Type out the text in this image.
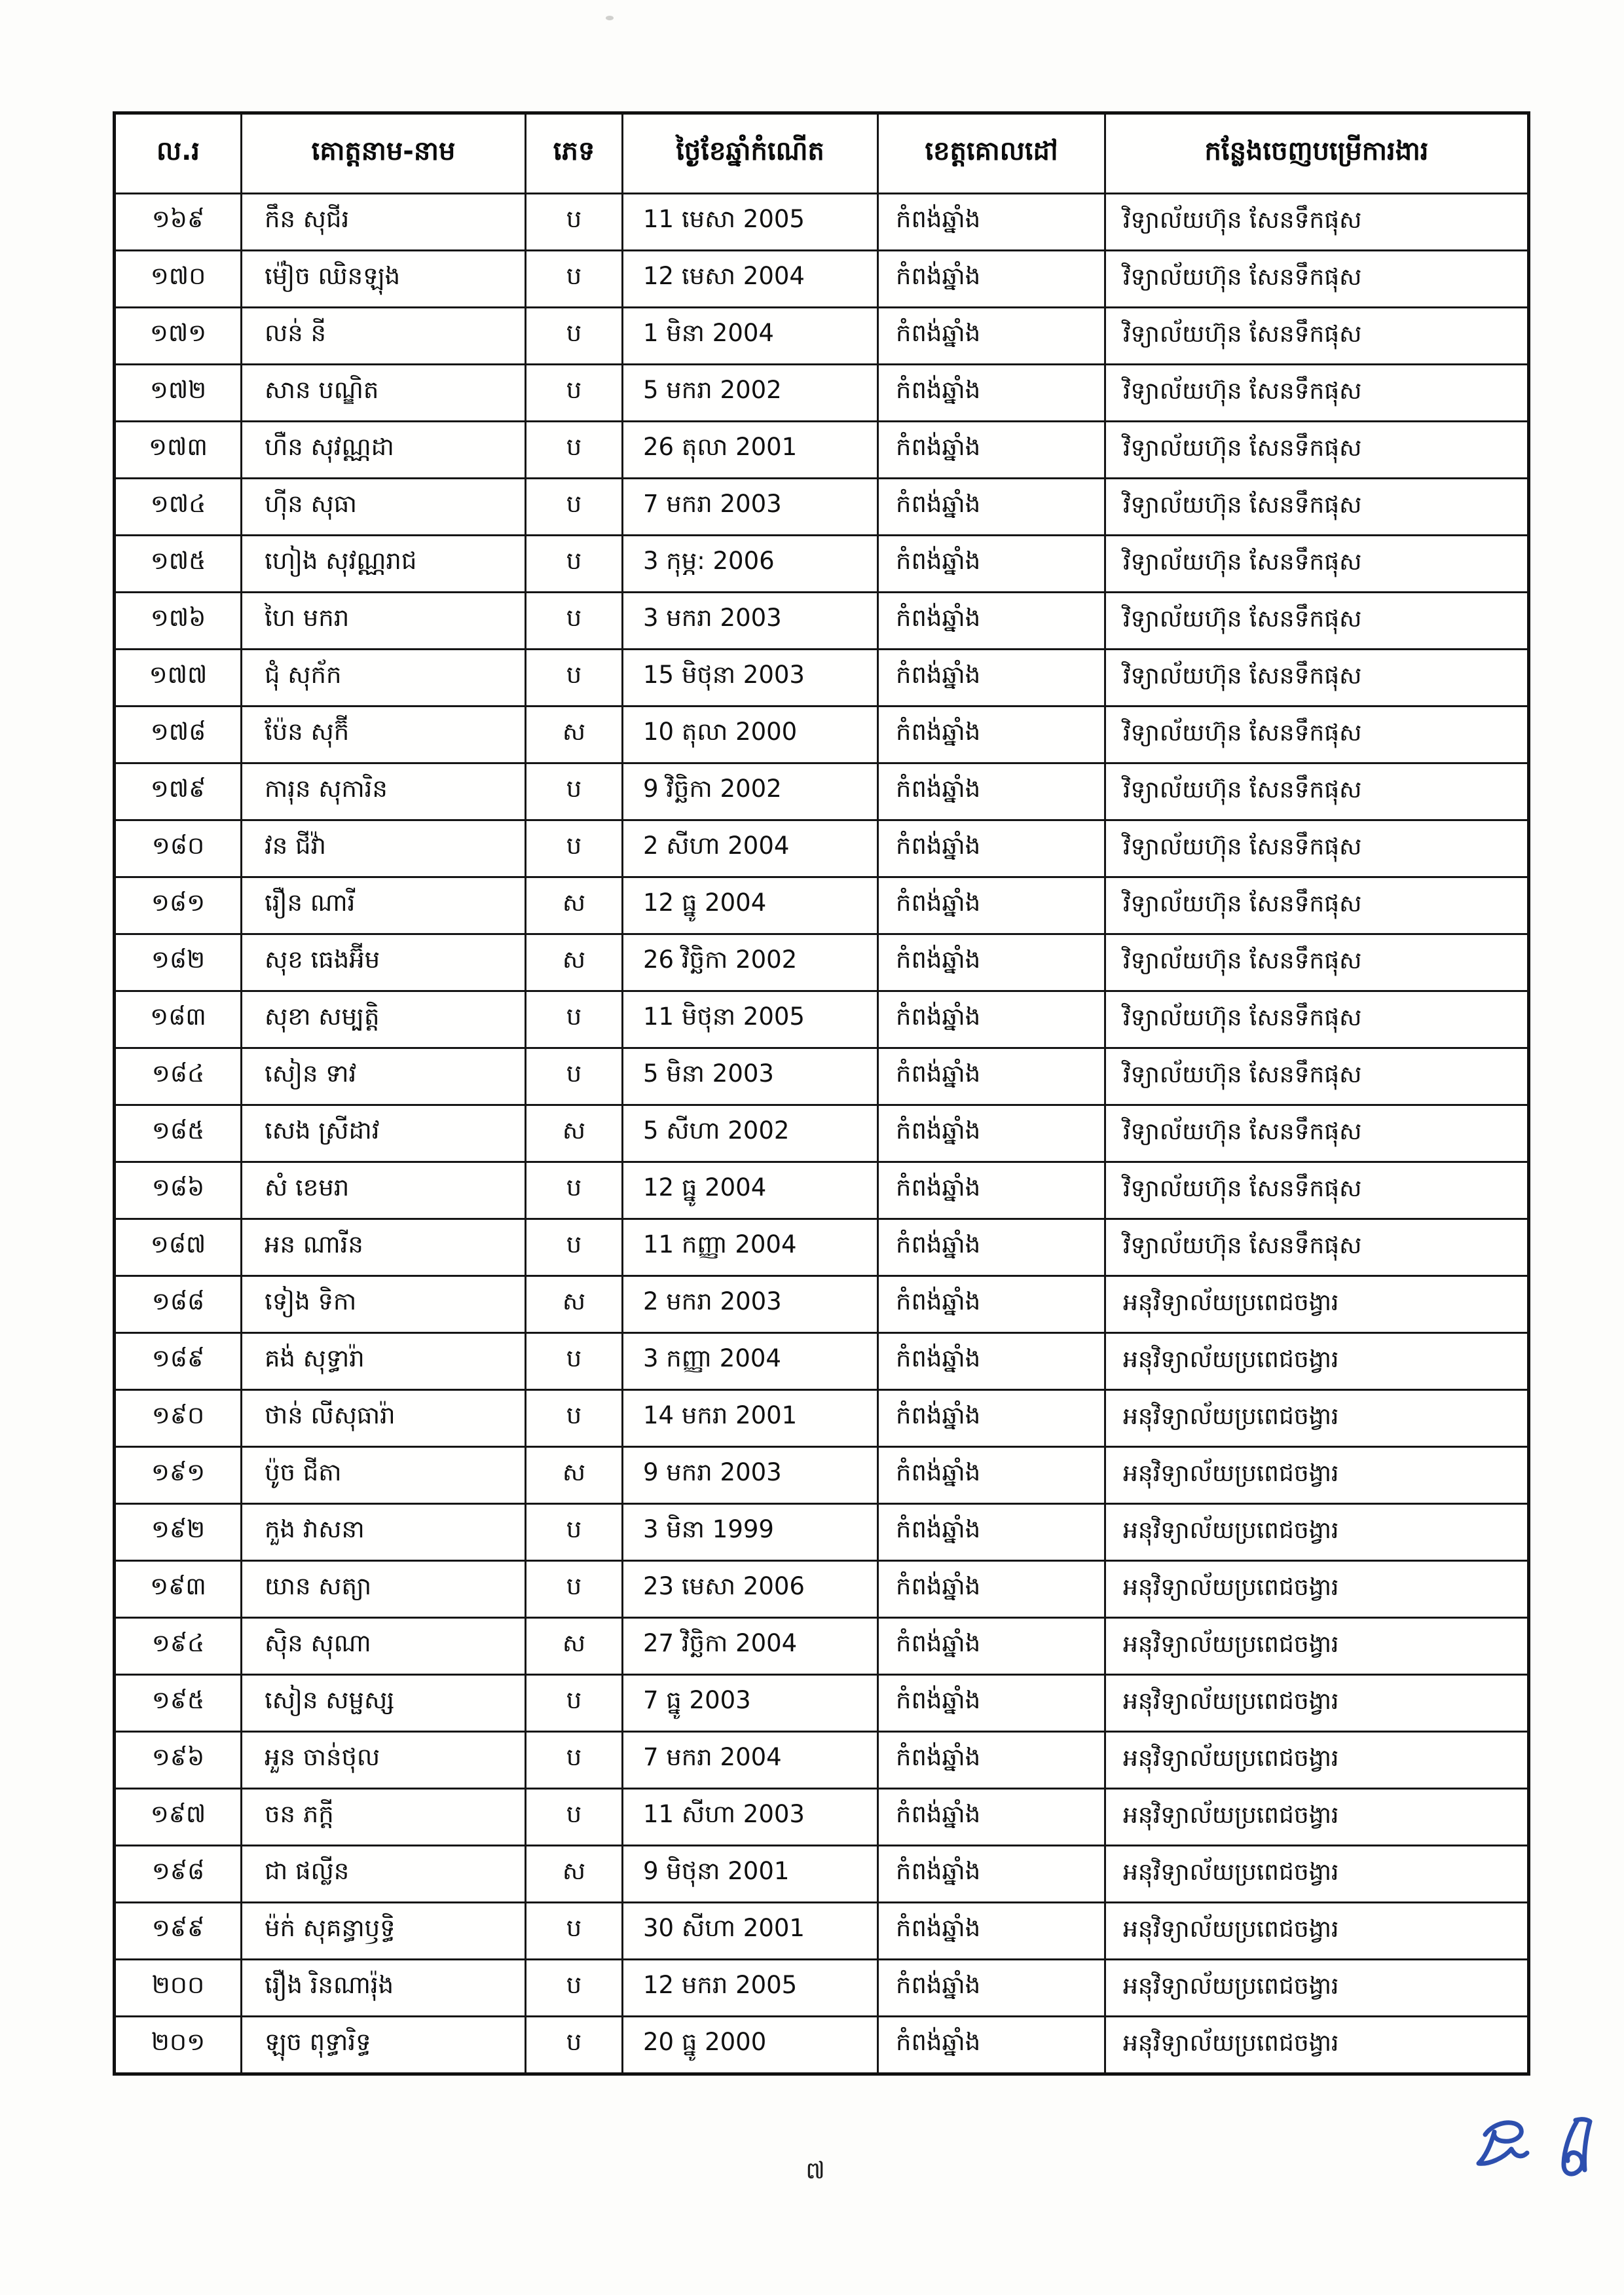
ល.រ	គោត្តនាម-នាម	ភេទ	ថ្ងៃខែឆ្នាំកំណើត	ខេត្តគោលដៅ	កន្លែងចេញបម្រើការងារ
១៦៩	កឹន សុជីរ	ប	11 មេសា 2005	កំពង់ឆ្នាំង	វិទ្យាល័យហ៊ុន សែនទឹកផុស
១៧០	ម៉ៀច ឈិនឡុង	ប	12 មេសា 2004	កំពង់ឆ្នាំង	វិទ្យាល័យហ៊ុន សែនទឹកផុស
១៧១	លន់ នី	ប	1 មិនា 2004	កំពង់ឆ្នាំង	វិទ្យាល័យហ៊ុន សែនទឹកផុស
១៧២	សាន បណ្ឌិត	ប	5 មករា 2002	កំពង់ឆ្នាំង	វិទ្យាល័យហ៊ុន សែនទឹកផុស
១៧៣	ហឺន សុវណ្ណដា	ប	26 តុលា 2001	កំពង់ឆ្នាំង	វិទ្យាល័យហ៊ុន សែនទឹកផុស
១៧៤	ហ៊ីន សុធា	ប	7 មករា 2003	កំពង់ឆ្នាំង	វិទ្យាល័យហ៊ុន សែនទឹកផុស
១៧៥	ហៀង សុវណ្ណរាជ	ប	3 កុម្ភ: 2006	កំពង់ឆ្នាំង	វិទ្យាល័យហ៊ុន សែនទឹកផុស
១៧៦	ហៃ មករា	ប	3 មករា 2003	កំពង់ឆ្នាំង	វិទ្យាល័យហ៊ុន សែនទឹកផុស
១៧៧	ជុំ សុក័ក	ប	15 មិថុនា 2003	កំពង់ឆ្នាំង	វិទ្យាល័យហ៊ុន សែនទឹកផុស
១៧៨	ប៉ែន សុក៊ី	ស	10 តុលា 2000	កំពង់ឆ្នាំង	វិទ្យាល័យហ៊ុន សែនទឹកផុស
១៧៩	ការុន សុការិន	ប	9 វិច្ឆិកា 2002	កំពង់ឆ្នាំង	វិទ្យាល័យហ៊ុន សែនទឹកផុស
១៨០	វន ជីវ៉ា	ប	2 សីហា 2004	កំពង់ឆ្នាំង	វិទ្យាល័យហ៊ុន សែនទឹកផុស
១៨១	រឿន ណារី	ស	12 ធ្នូ 2004	កំពង់ឆ្នាំង	វិទ្យាល័យហ៊ុន សែនទឹកផុស
១៨២	សុខ ធេងអ៊ីម	ស	26 វិច្ឆិកា 2002	កំពង់ឆ្នាំង	វិទ្យាល័យហ៊ុន សែនទឹកផុស
១៨៣	សុខា សម្បត្តិ	ប	11 មិថុនា 2005	កំពង់ឆ្នាំង	វិទ្យាល័យហ៊ុន សែនទឹកផុស
១៨៤	សៀន ទាវ	ប	5 មិនា 2003	កំពង់ឆ្នាំង	វិទ្យាល័យហ៊ុន សែនទឹកផុស
១៨៥	សេង ស្រីដាវ	ស	5 សីហា 2002	កំពង់ឆ្នាំង	វិទ្យាល័យហ៊ុន សែនទឹកផុស
១៨៦	សំ ខេមរា	ប	12 ធ្នូ 2004	កំពង់ឆ្នាំង	វិទ្យាល័យហ៊ុន សែនទឹកផុស
១៨៧	អន ណារីន	ប	11 កញ្ញា 2004	កំពង់ឆ្នាំង	វិទ្យាល័យហ៊ុន សែនទឹកផុស
១៨៨	ទៀង ទិកា	ស	2 មករា 2003	កំពង់ឆ្នាំង	អនុវិទ្យាល័យប្រពេជចង្វារ
១៨៩	គង់ សុទ្ធារ៉ា	ប	3 កញ្ញា 2004	កំពង់ឆ្នាំង	អនុវិទ្យាល័យប្រពេជចង្វារ
១៩០	ថាន់ លីសុធារ៉ា	ប	14 មករា 2001	កំពង់ឆ្នាំង	អនុវិទ្យាល័យប្រពេជចង្វារ
១៩១	ប៉ូច ជីតា	ស	9 មករា 2003	កំពង់ឆ្នាំង	អនុវិទ្យាល័យប្រពេជចង្វារ
១៩២	កួង វាសនា	ប	3 មិនា 1999	កំពង់ឆ្នាំង	អនុវិទ្យាល័យប្រពេជចង្វារ
១៩៣	យាន សត្យា	ប	23 មេសា 2006	កំពង់ឆ្នាំង	អនុវិទ្យាល័យប្រពេជចង្វារ
១៩៤	ស៊ិន សុណា	ស	27 វិច្ឆិកា 2004	កំពង់ឆ្នាំង	អនុវិទ្យាល័យប្រពេជចង្វារ
១៩៥	សៀន សម្ផស្ស	ប	7 ធ្នូ 2003	កំពង់ឆ្នាំង	អនុវិទ្យាល័យប្រពេជចង្វារ
១៩៦	អួន ចាន់ថុល	ប	7 មករា 2004	កំពង់ឆ្នាំង	អនុវិទ្យាល័យប្រពេជចង្វារ
១៩៧	ចន ភក្ដី	ប	11 សីហា 2003	កំពង់ឆ្នាំង	អនុវិទ្យាល័យប្រពេជចង្វារ
១៩៨	ជា ផល្លីន	ស	9 មិថុនា 2001	កំពង់ឆ្នាំង	អនុវិទ្យាល័យប្រពេជចង្វារ
១៩៩	ម៉ក់ សុគន្ធាឫទ្ធិ	ប	30 សីហា 2001	កំពង់ឆ្នាំង	អនុវិទ្យាល័យប្រពេជចង្វារ
២០០	រឿង រិនណារ៉ុង	ប	12 មករា 2005	កំពង់ឆ្នាំង	អនុវិទ្យាល័យប្រពេជចង្វារ
២០១	ឡុច ពុទ្ធារិទ្ធ	ប	20 ធ្នូ 2000	កំពង់ឆ្នាំង	អនុវិទ្យាល័យប្រពេជចង្វារ
៧
